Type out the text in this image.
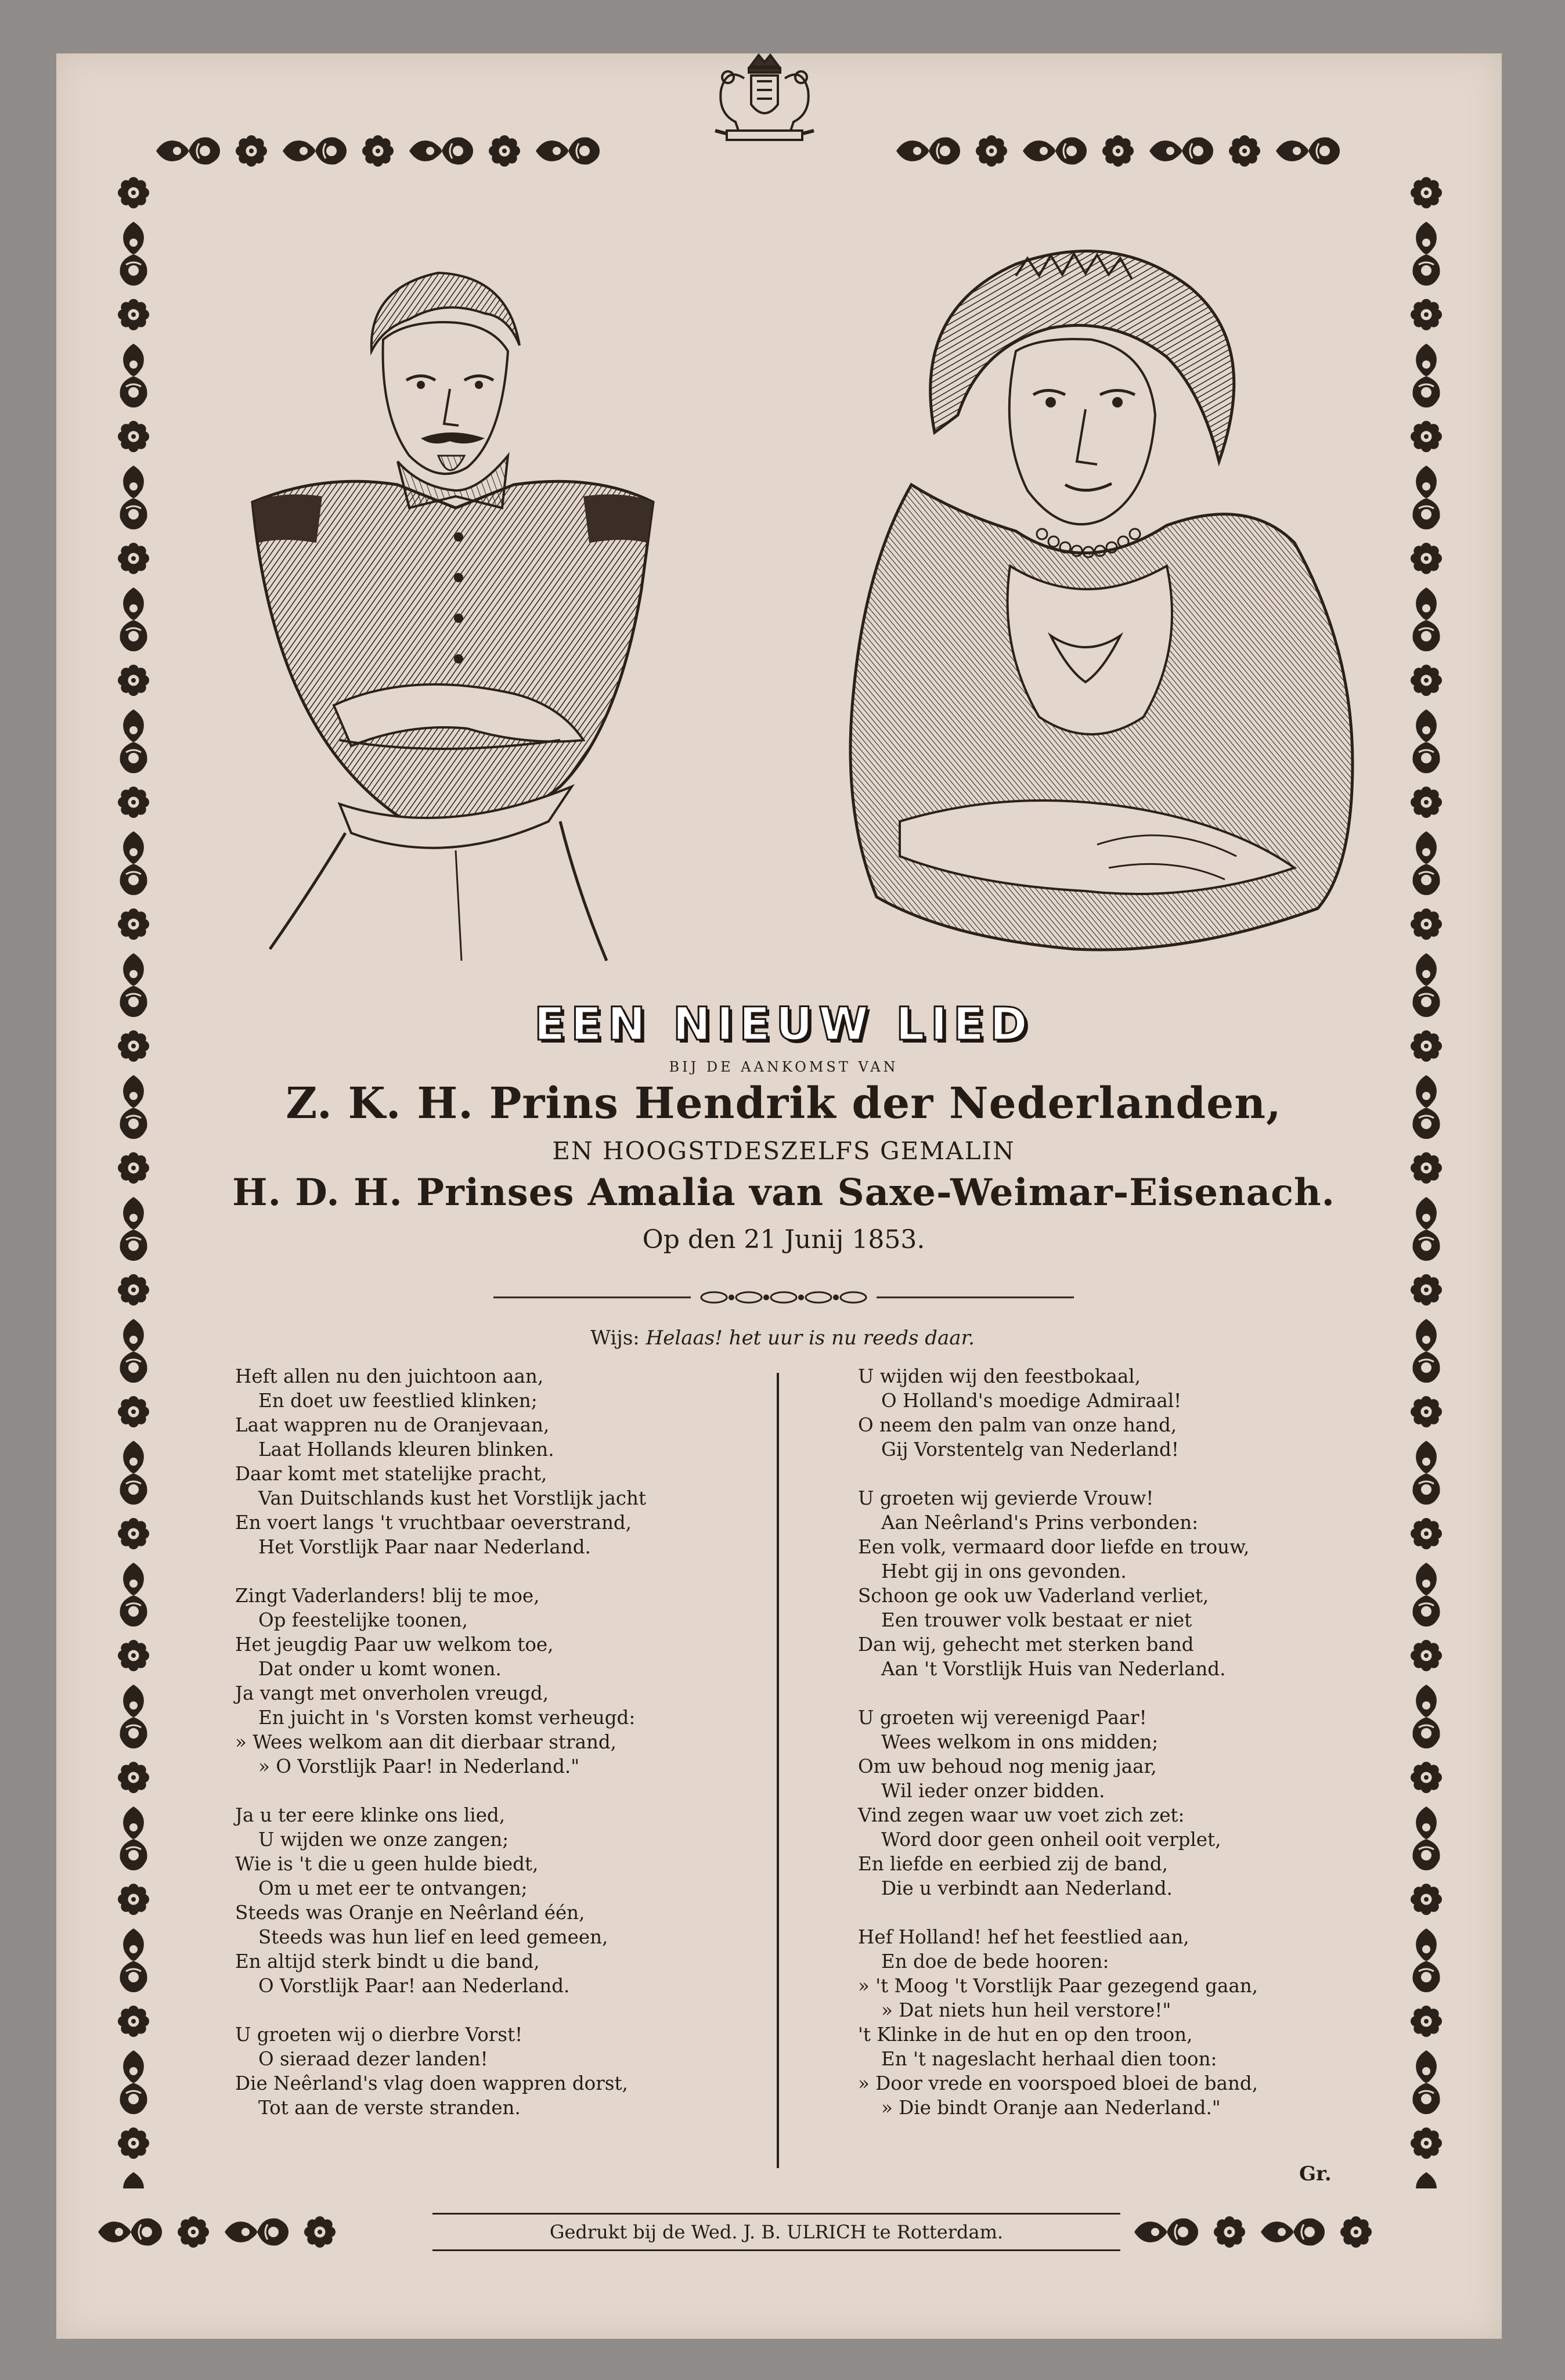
EEN NIEUW LIED

BIJ DE AANKOMST VAN

Z. K. H. Prins Hendrik der Nederlanden,

EN HOOGSTDESZELFS GEMALIN

H. D. H. Prinses Amalia van Saxe-Weimar-Eisenach.

Op den 21 Junij 1853.

Wijs: Helaas! het uur is nu reeds daar.
Heft allen nu den juichtoon aan,
En doet uw feestlied klinken;
Laat wappren nu de Oranjevaan,
Laat Hollands kleuren blinken.
Daar komt met statelijke pracht,
Van Duitschlands kust het Vorstlijk jacht
En voert langs 't vruchtbaar oeverstrand,
Het Vorstlijk Paar naar Nederland.
Zingt Vaderlanders! blij te moe,
Op feestelijke toonen,
Het jeugdig Paar uw welkom toe,
Dat onder u komt wonen.
Ja vangt met onverholen vreugd,
En juicht in 's Vorsten komst verheugd:
» Wees welkom aan dit dierbaar strand,
» O Vorstlijk Paar! in Nederland."
Ja u ter eere klinke ons lied,
U wijden we onze zangen;
Wie is 't die u geen hulde biedt,
Om u met eer te ontvangen;
Steeds was Oranje en Neêrland één,
Steeds was hun lief en leed gemeen,
En altijd sterk bindt u die band,
O Vorstlijk Paar! aan Nederland.
U groeten wij o dierbre Vorst!
O sieraad dezer landen!
Die Neêrland's vlag doen wappren dorst,
Tot aan de verste stranden.
U wijden wij den feestbokaal,
O Holland's moedige Admiraal!
O neem den palm van onze hand,
Gij Vorstentelg van Nederland!
U groeten wij gevierde Vrouw!
Aan Neêrland's Prins verbonden:
Een volk, vermaard door liefde en trouw,
Hebt gij in ons gevonden.
Schoon ge ook uw Vaderland verliet,
Een trouwer volk bestaat er niet
Dan wij, gehecht met sterken band
Aan 't Vorstlijk Huis van Nederland.
U groeten wij vereenigd Paar!
Wees welkom in ons midden;
Om uw behoud nog menig jaar,
Wil ieder onzer bidden.
Vind zegen waar uw voet zich zet:
Word door geen onheil ooit verplet,
En liefde en eerbied zij de band,
Die u verbindt aan Nederland.
Hef Holland! hef het feestlied aan,
En doe de bede hooren:
» 't Moog 't Vorstlijk Paar gezegend gaan,
» Dat niets hun heil verstore!"
't Klinke in de hut en op den troon,
En 't nageslacht herhaal dien toon:
» Door vrede en voorspoed bloei de band,
» Die bindt Oranje aan Nederland."
Gr.
Gedrukt bij de Wed. J. B. ULRICH te Rotterdam.
